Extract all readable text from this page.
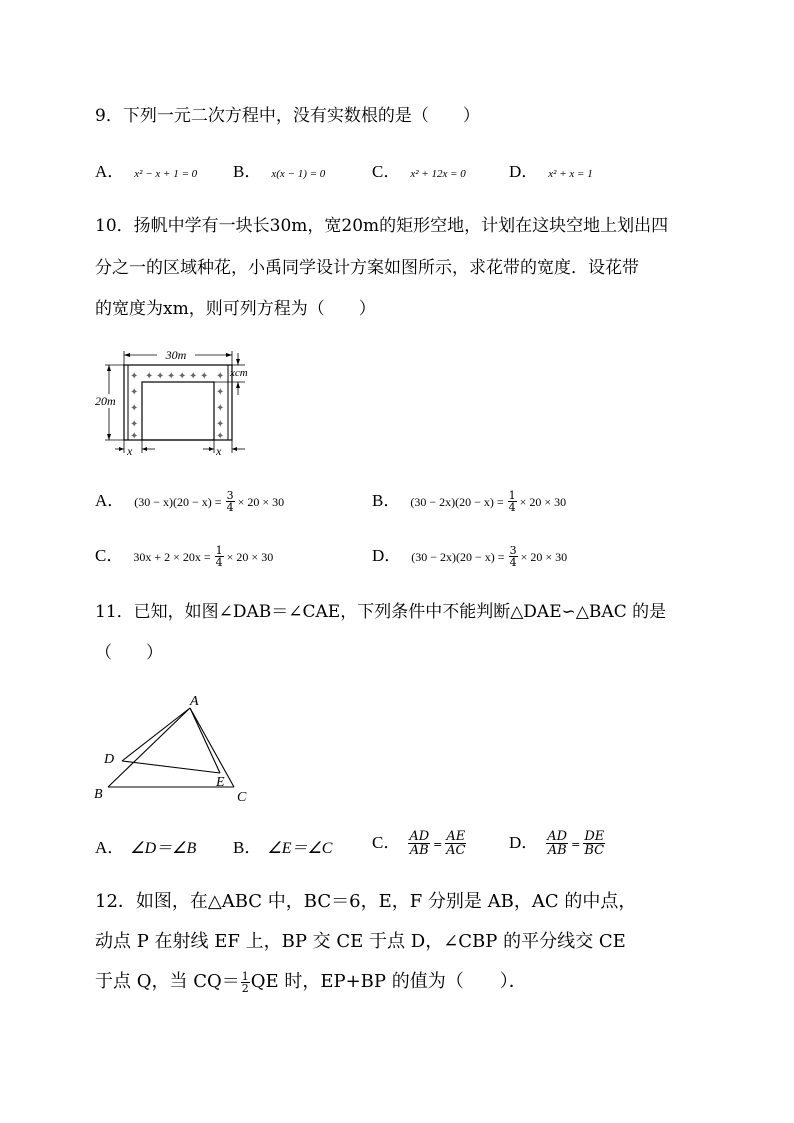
9．下列一元二次方程中，没有实数根的是（　　）
A． x² − x + 1 = 0 B． x(x − 1) = 0	C． x² + 12x = 0	D． x² + x = 1
10．扬帆中学有一块长30m，宽20m的矩形空地，计划在这块空地上划出四
分之一的区域种花，小禹同学设计方案如图所示，求花带的宽度．设花带
的宽度为xm，则可列方程为（　　）
30m
20m
xcm
x	x
✦
✦
✦
✦
✦
✦
✦
✦
✦
✦
✦ ✦ ✦ ✦ ✦ ✦
A． $(30 - x)(20 - x) = \frac{3}{4} \times 20 \times 30$	B． $(30 - 2x)(20 - x) = \frac{1}{4} \times 20 \times 30$
C． $30x + 2 \times 20x = \frac{1}{4} \times 20 \times 30$	D． $(30 - 2x)(20 - x) = \frac{3}{4} \times 20 \times 30$
11．已知，如图∠DAB＝∠CAE，下列条件中不能判断△DAE∽△BAC 的是
（　　）
A
D
B
E
C
A． ∠D＝∠B B． ∠E＝∠C C． $\frac{AD}{AB} = \frac{AE}{AC}$	D． $\frac{AD}{AB} = \frac{DE}{BC}$
12．如图，在△ABC 中，BC＝6，E，F 分别是 AB，AC 的中点，
动点 P 在射线 EF 上，BP 交 CE 于点 D，∠CBP 的平分线交 CE
于点 Q，当 $CQ= \frac{1}{2}$ QE 时，EP+BP 的值为（　　）．
